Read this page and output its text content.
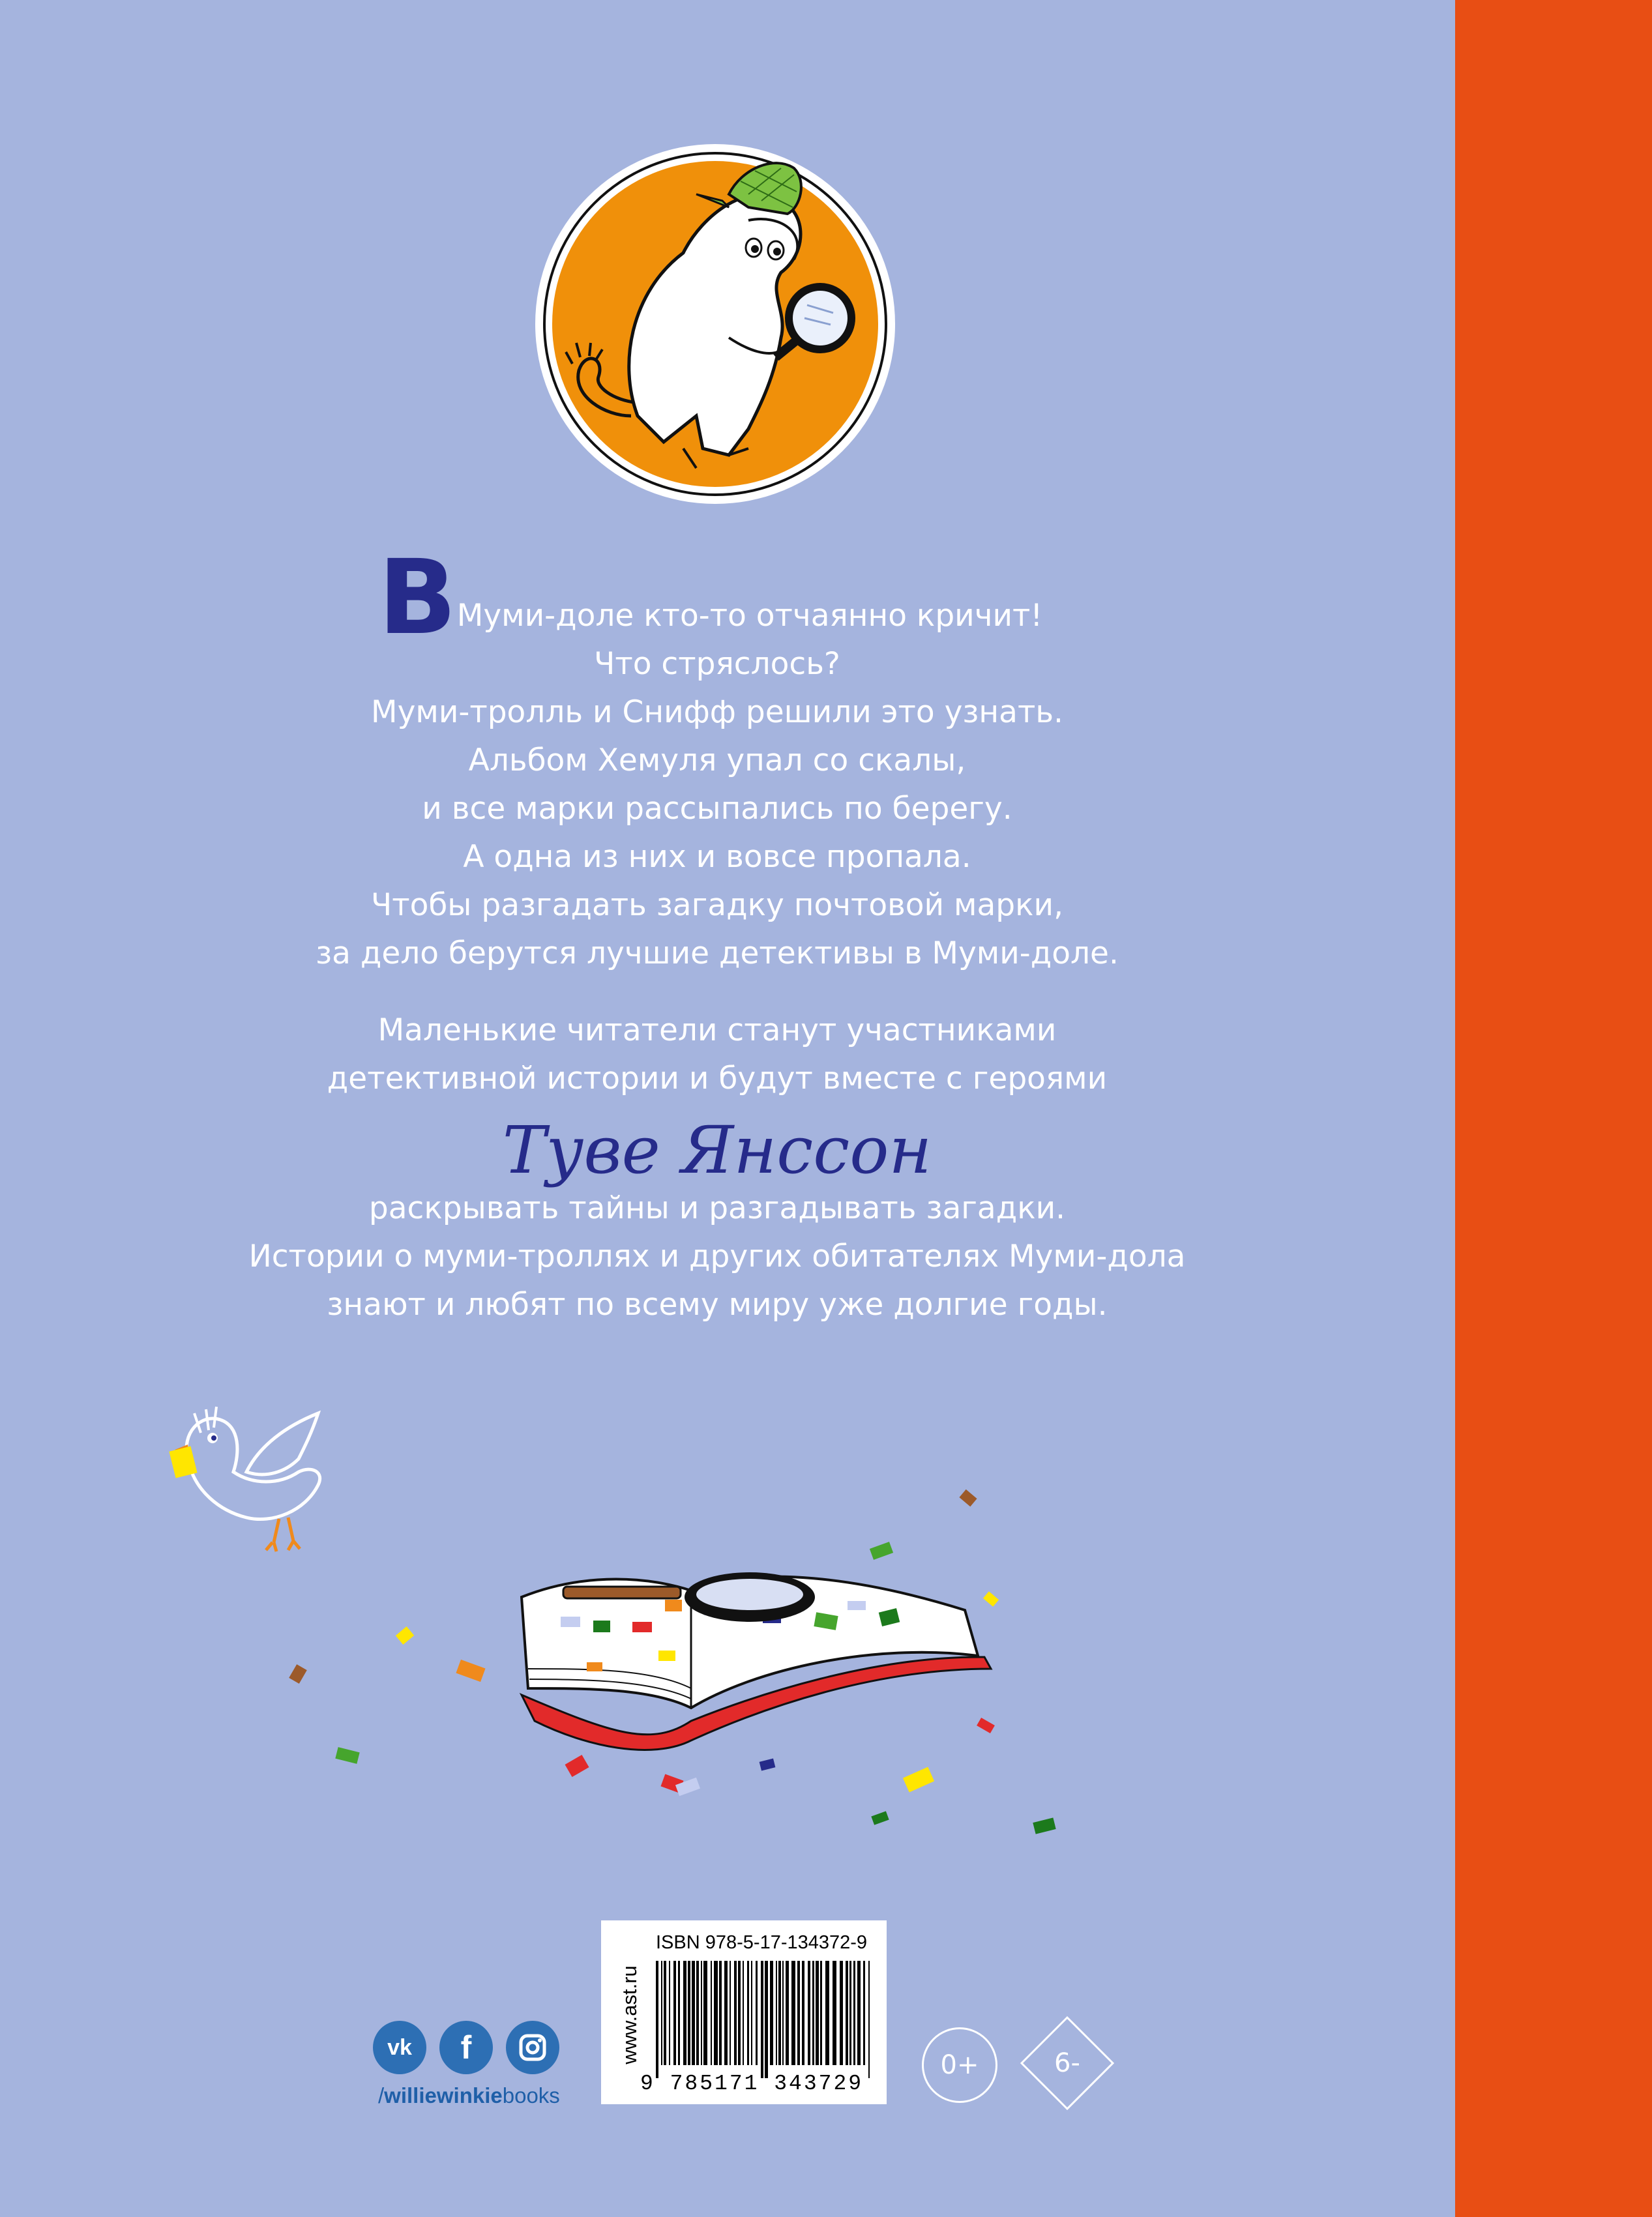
В Муми-доле кто-то отчаянно кричит!
Что стряслось?
Муми-тролль и Снифф решили это узнать.
Альбом Хемуля упал со скалы,
и все марки рассыпались по берегу.
А одна из них и вовсе пропала.
Чтобы разгадать загадку почтовой марки,
за дело берутся лучшие детективы в Муми-доле.
Маленькие читатели станут участниками
детективной истории и будут вместе с героями
Туве Янссон
раскрывать тайны и разгадывать загадки.
Истории о муми-троллях и других обитателях Муми-дола
знают и любят по всему миру уже долгие годы.
www.ast.ru
ISBN 978-5-17-134372-9
9 785171 343729
vk f
/williewinkiebooks
0+	6-
